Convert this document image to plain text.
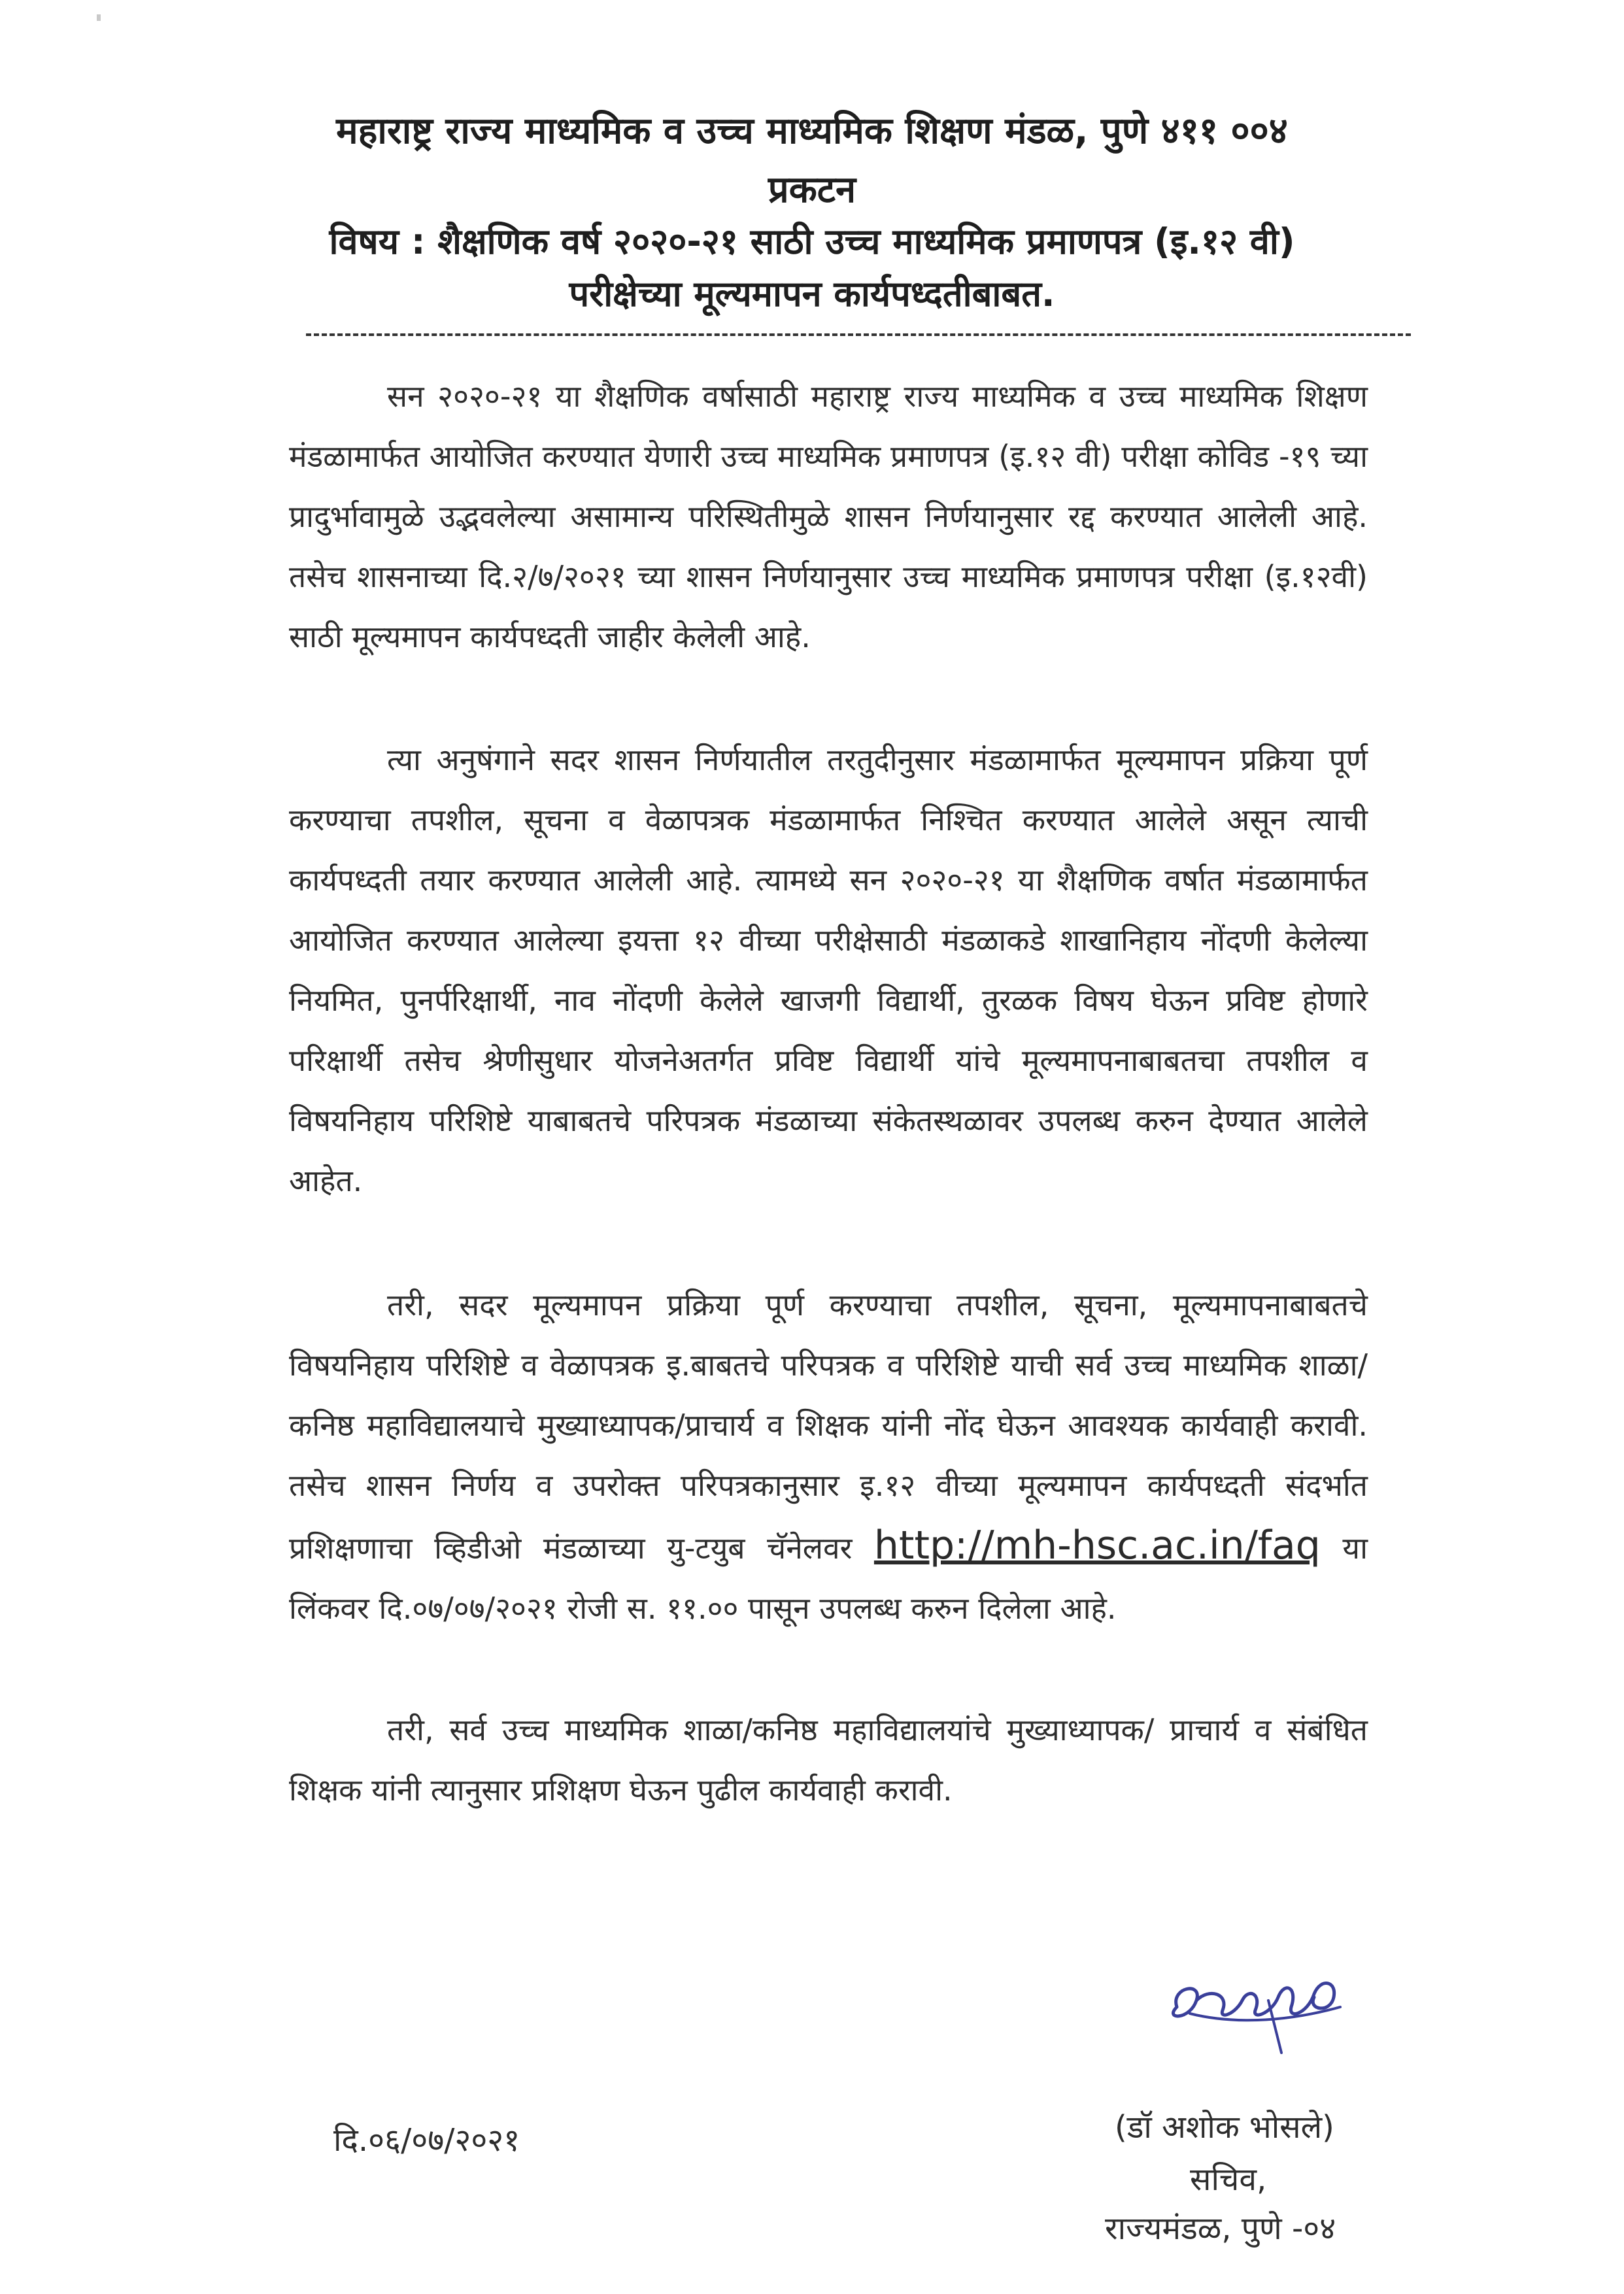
महाराष्ट्र राज्य माध्यमिक व उच्च माध्यमिक शिक्षण मंडळ, पुणे ४११ ००४
प्रकटन
विषय : शैक्षणिक वर्ष २०२०-२१ साठी उच्च माध्यमिक प्रमाणपत्र (इ.१२ वी)
परीक्षेच्या मूल्यमापन कार्यपध्दतीबाबत.
सन २०२०-२१ या शैक्षणिक वर्षासाठी महाराष्ट्र राज्य माध्यमिक व उच्च माध्यमिक शिक्षण मंडळामार्फत आयोजित करण्यात येणारी उच्च माध्यमिक प्रमाणपत्र (इ.१२ वी) परीक्षा कोविड -१९ च्या प्रादुर्भावामुळे उद्भवलेल्या असामान्य परिस्थितीमुळे शासन निर्णयानुसार रद्द करण्यात आलेली आहे. तसेच शासनाच्या दि.२/७/२०२१ च्या शासन निर्णयानुसार उच्च माध्यमिक प्रमाणपत्र परीक्षा (इ.१२वी) साठी मूल्यमापन कार्यपध्दती जाहीर केलेली आहे.
त्या अनुषंगाने सदर शासन निर्णयातील तरतुदीनुसार मंडळामार्फत मूल्यमापन प्रक्रिया पूर्ण करण्याचा तपशील, सूचना व वेळापत्रक मंडळामार्फत निश्चित करण्यात आलेले असून त्याची कार्यपध्दती तयार करण्यात आलेली आहे. त्यामध्ये सन २०२०-२१ या शैक्षणिक वर्षात मंडळामार्फत आयोजित करण्यात आलेल्या इयत्ता १२ वीच्या परीक्षेसाठी मंडळाकडे शाखानिहाय नोंदणी केलेल्या नियमित, पुनर्परिक्षार्थी, नाव नोंदणी केलेले खाजगी विद्यार्थी, तुरळक विषय घेऊन प्रविष्ट होणारे परिक्षार्थी तसेच श्रेणीसुधार योजनेअतर्गत प्रविष्ट विद्यार्थी यांचे मूल्यमापनाबाबतचा तपशील व विषयनिहाय परिशिष्टे याबाबतचे परिपत्रक मंडळाच्या संकेतस्थळावर उपलब्ध करुन देण्यात आलेले आहेत.
तरी, सदर मूल्यमापन प्रक्रिया पूर्ण करण्याचा तपशील, सूचना, मूल्यमापनाबाबतचे विषयनिहाय परिशिष्टे व वेळापत्रक इ.बाबतचे परिपत्रक व परिशिष्टे याची सर्व उच्च माध्यमिक शाळा/कनिष्ठ महाविद्यालयाचे मुख्याध्यापक/प्राचार्य व शिक्षक यांनी नोंद घेऊन आवश्यक कार्यवाही करावी. तसेच शासन निर्णय व उपरोक्त परिपत्रकानुसार इ.१२ वीच्या मूल्यमापन कार्यपध्दती संदर्भात प्रशिक्षणाचा व्हिडीओ मंडळाच्या यु-टयुब चॅनेलवर http://mh-hsc.ac.in/faq या लिंकवर दि.०७/०७/२०२१ रोजी स. ११.०० पासून उपलब्ध करुन दिलेला आहे.
तरी, सर्व उच्च माध्यमिक शाळा/कनिष्ठ महाविद्यालयांचे मुख्याध्यापक/ प्राचार्य व संबंधित शिक्षक यांनी त्यानुसार प्रशिक्षण घेऊन पुढील कार्यवाही करावी.
दि.०६/०७/२०२१	(डॉ अशोक भोसले)
सचिव,
राज्यमंडळ, पुणे -०४
